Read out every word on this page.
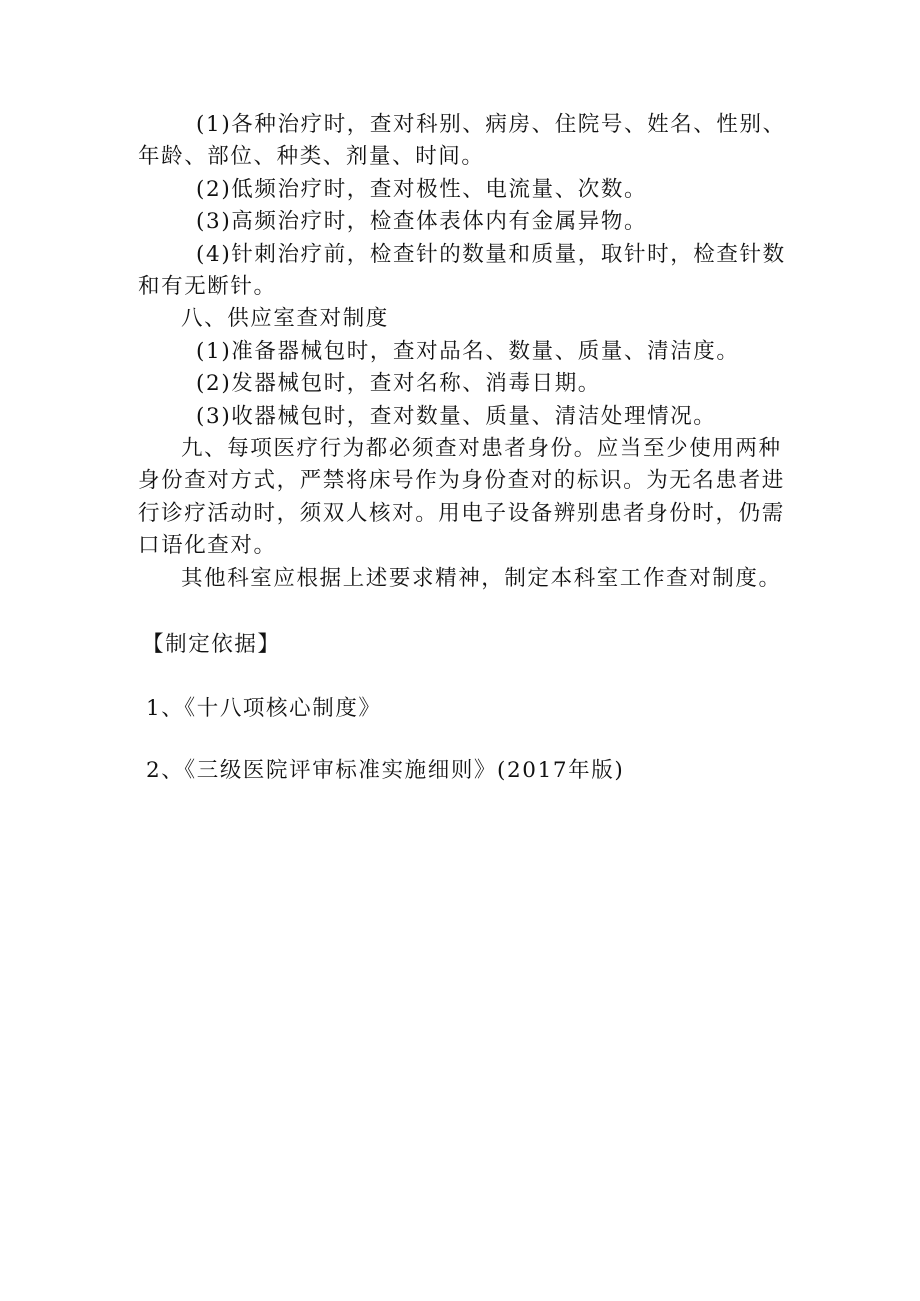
(1)各种治疗时，查对科别、病房、住院号、姓名、性别、年龄、部位、种类、剂量、时间。

(2)低频治疗时，查对极性、电流量、次数。

(3)高频治疗时，检查体表体内有金属异物。

(4)针刺治疗前，检查针的数量和质量，取针时，检查针数和有无断针。

八、供应室查对制度

(1)准备器械包时，查对品名、数量、质量、清洁度。

(2)发器械包时，查对名称、消毒日期。

(3)收器械包时，查对数量、质量、清洁处理情况。

九、每项医疗行为都必须查对患者身份。应当至少使用两种身份查对方式，严禁将床号作为身份查对的标识。为无名患者进行诊疗活动时，须双人核对。用电子设备辨别患者身份时，仍需口语化查对。

其他科室应根据上述要求精神，制定本科室工作查对制度。

【制定依据】

1、《十八项核心制度》

2、《三级医院评审标准实施细则》(2017年版)
